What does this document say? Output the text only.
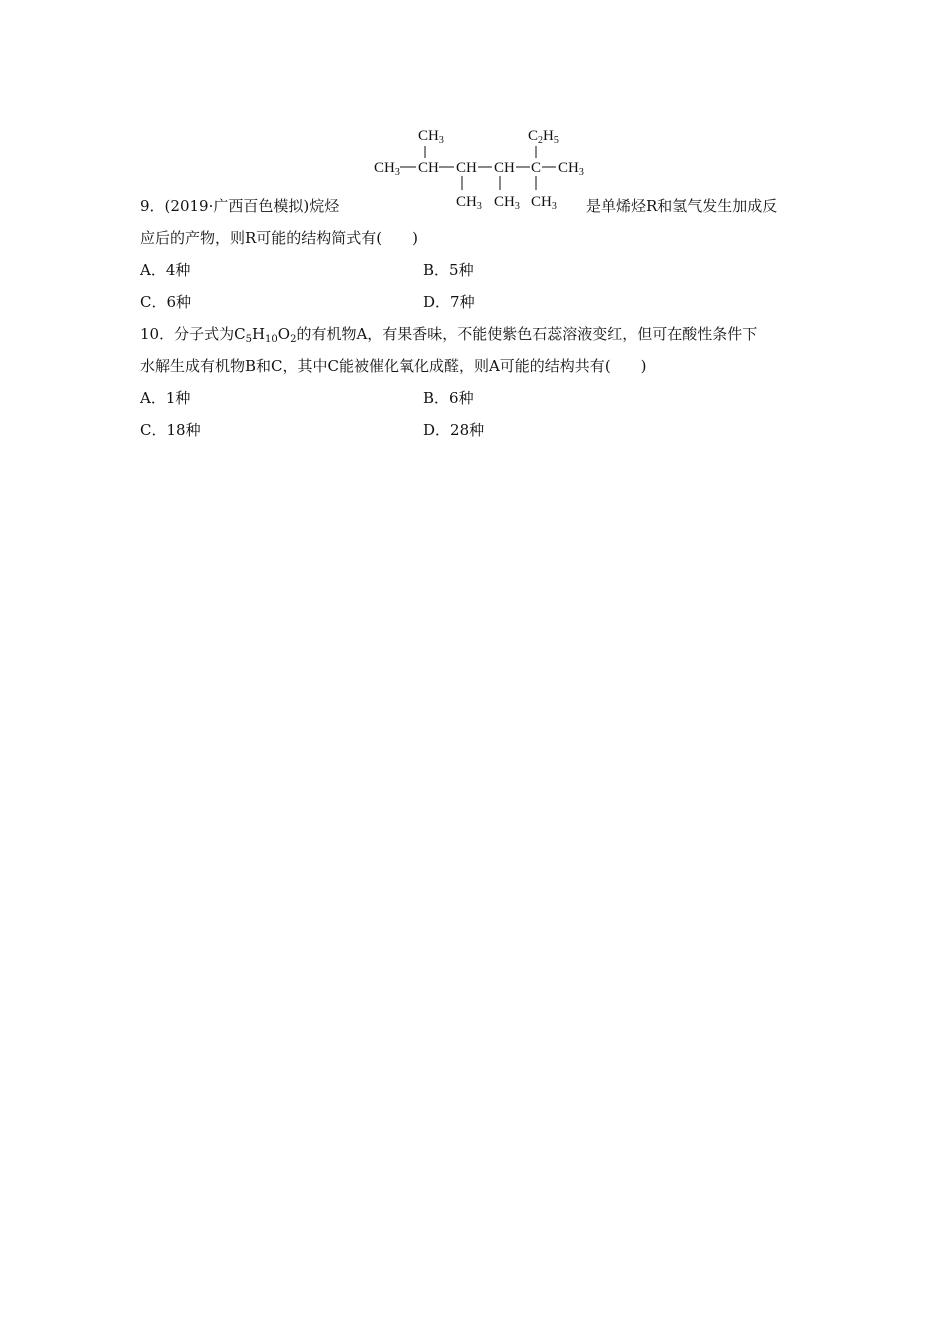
$CH_3$	$C_2H_5$
$CH_3$ CH CH CH C $CH_3$
$CH_3$ $CH_3$ $CH_3$
9．(2019·广西百色模拟)烷烃	是单烯烃R和氢气发生加成反
应后的产物，则R可能的结构简式有( )
A．4种	B．5种
C．6种	D．7种
10．分子式为$C_5H_{10}O_2$的有机物A，有果香味，不能使紫色石蕊溶液变红，但可在酸性条件下
水解生成有机物B和C，其中C能被催化氧化成醛，则A可能的结构共有( )
A．1种	B．6种
C．18种	D．28种
